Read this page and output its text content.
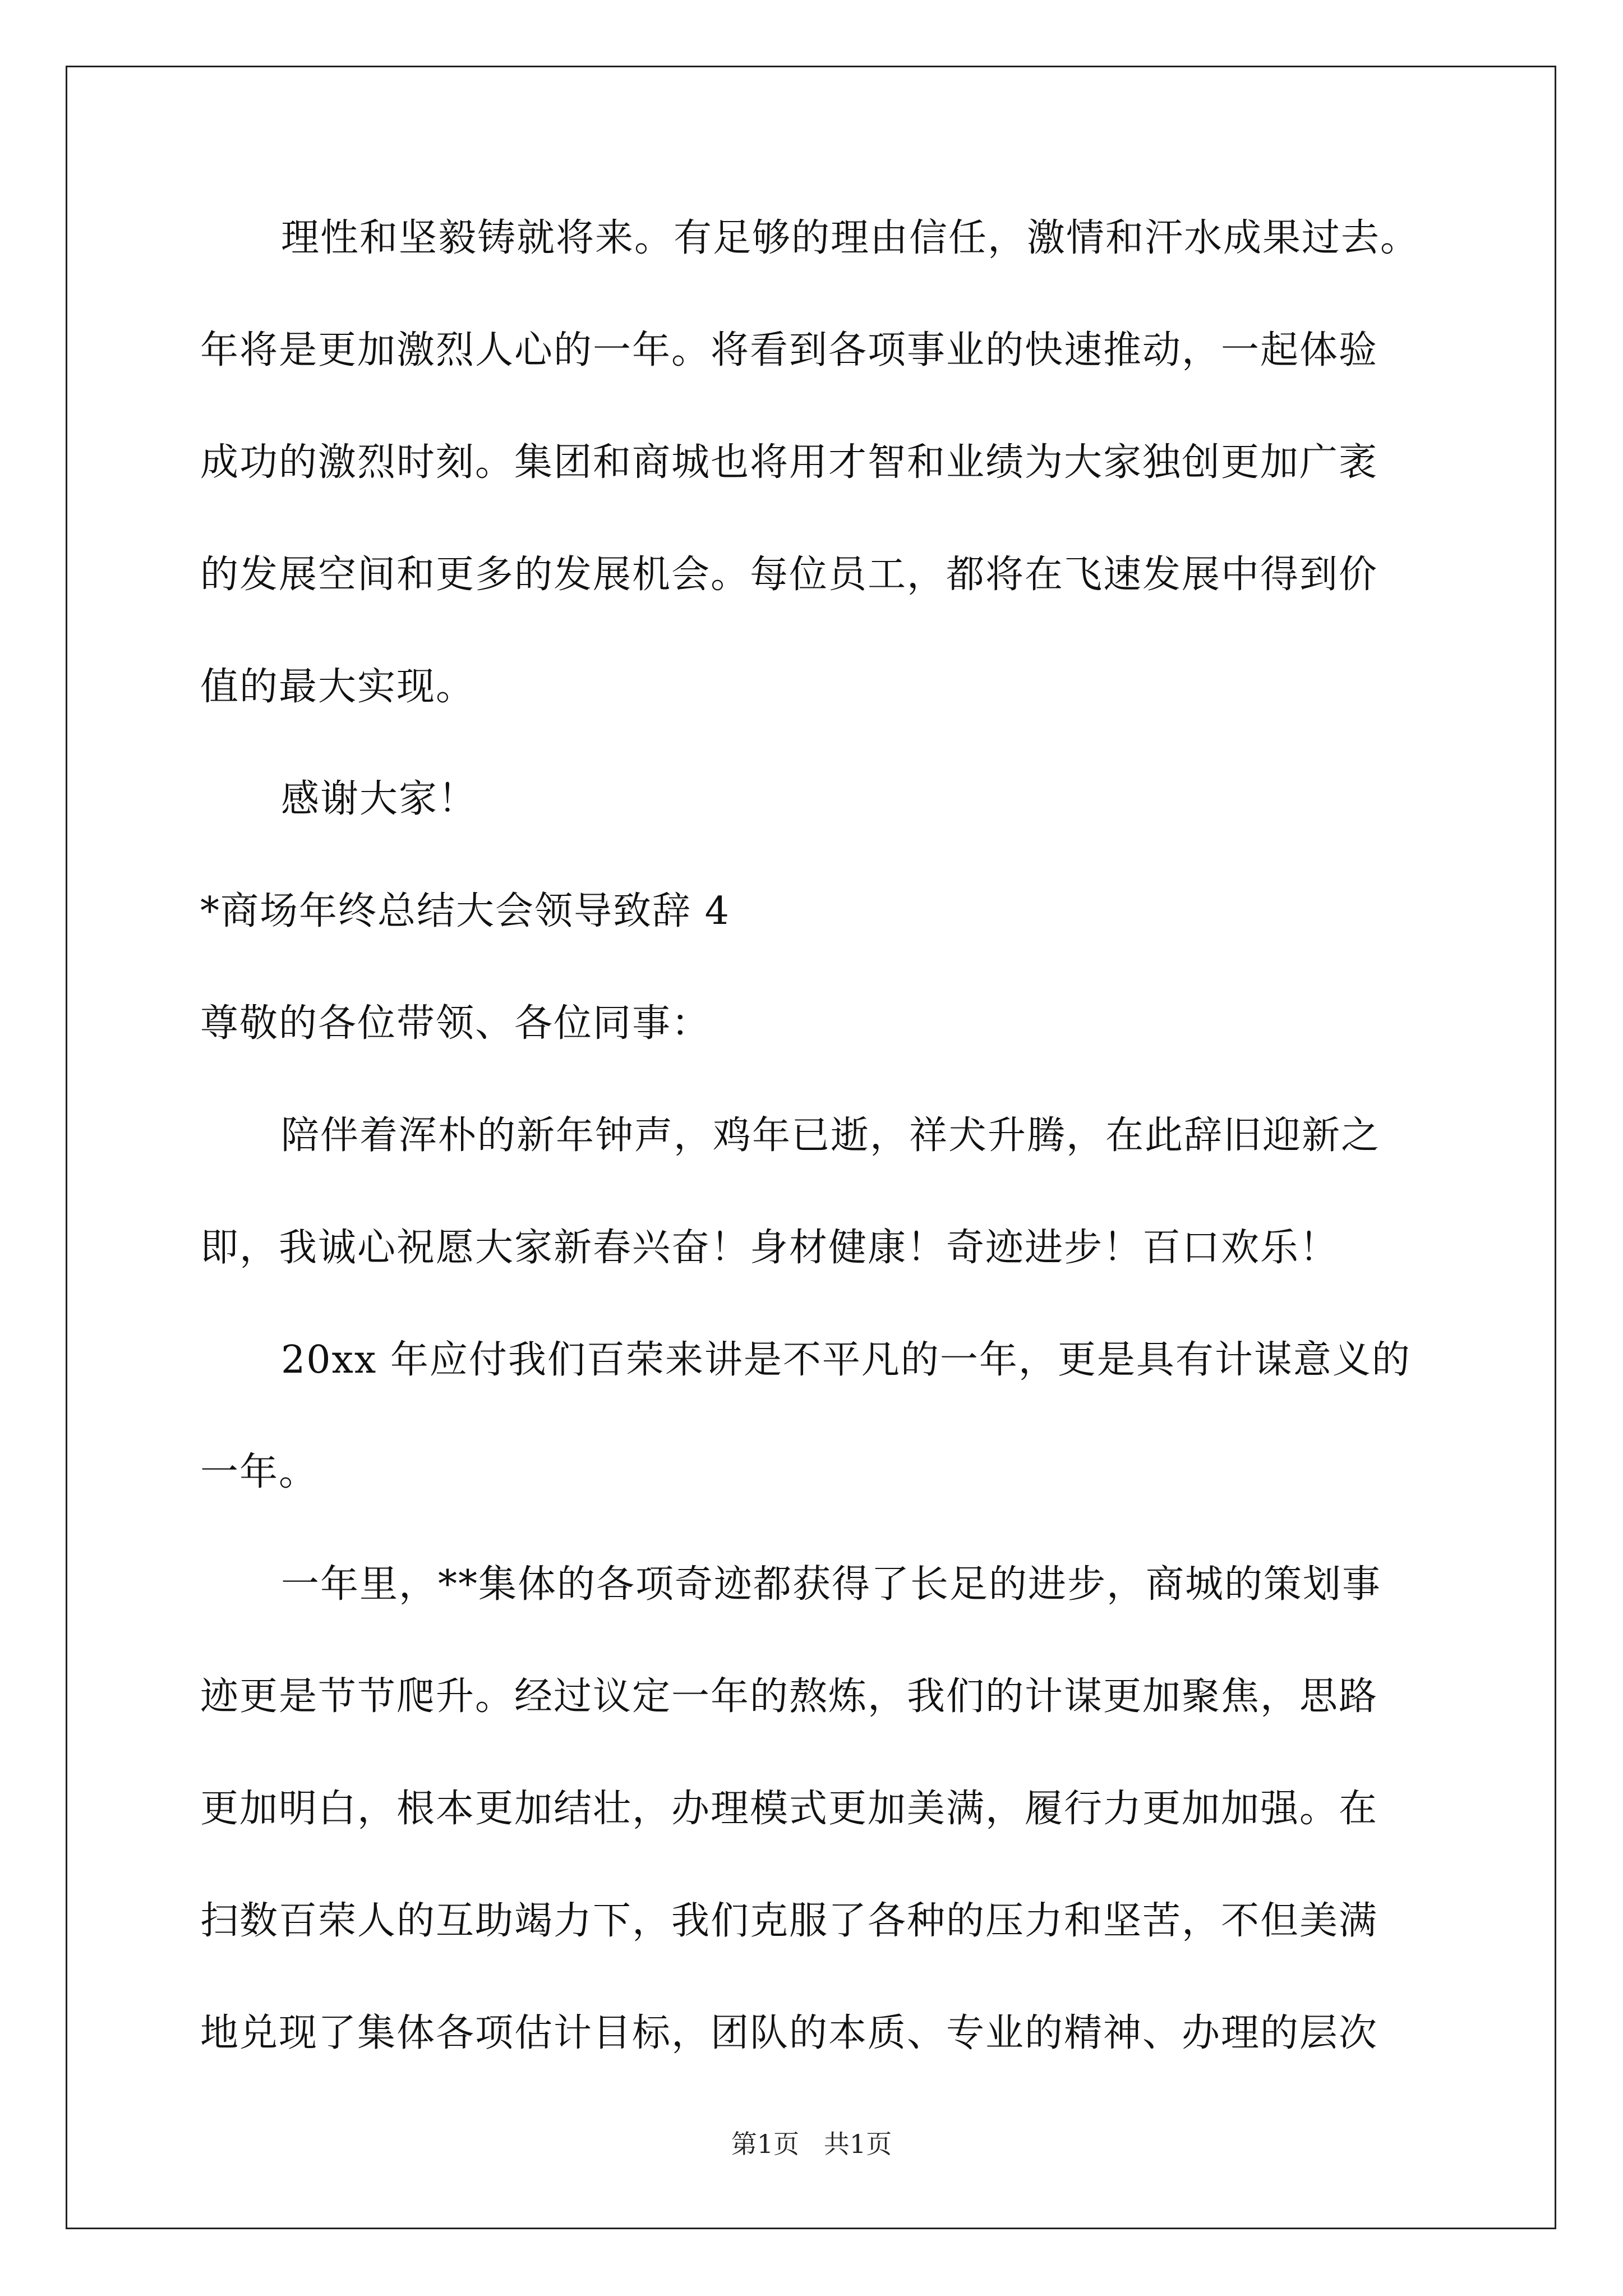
理性和坚毅铸就将来。有足够的理由信任，激情和汗水成果过去。
年将是更加激烈人心的一年。将看到各项事业的快速推动，一起体验
成功的激烈时刻。集团和商城也将用才智和业绩为大家独创更加广袤
的发展空间和更多的发展机会。每位员工，都将在飞速发展中得到价
值的最大实现。
感谢大家！
*商场年终总结大会领导致辞 4
尊敬的各位带领、各位同事：
陪伴着浑朴的新年钟声，鸡年已逝，祥犬升腾，在此辞旧迎新之
即，我诚心祝愿大家新春兴奋！身材健康！奇迹进步！百口欢乐！
20xx 年应付我们百荣来讲是不平凡的一年，更是具有计谋意义的
一年。
一年里，**集体的各项奇迹都获得了长足的进步，商城的策划事
迹更是节节爬升。经过议定一年的熬炼，我们的计谋更加聚焦，思路
更加明白，根本更加结壮，办理模式更加美满，履行力更加加强。在
扫数百荣人的互助竭力下，我们克服了各种的压力和坚苦，不但美满
地兑现了集体各项估计目标，团队的本质、专业的精神、办理的层次
第1页   共1页
